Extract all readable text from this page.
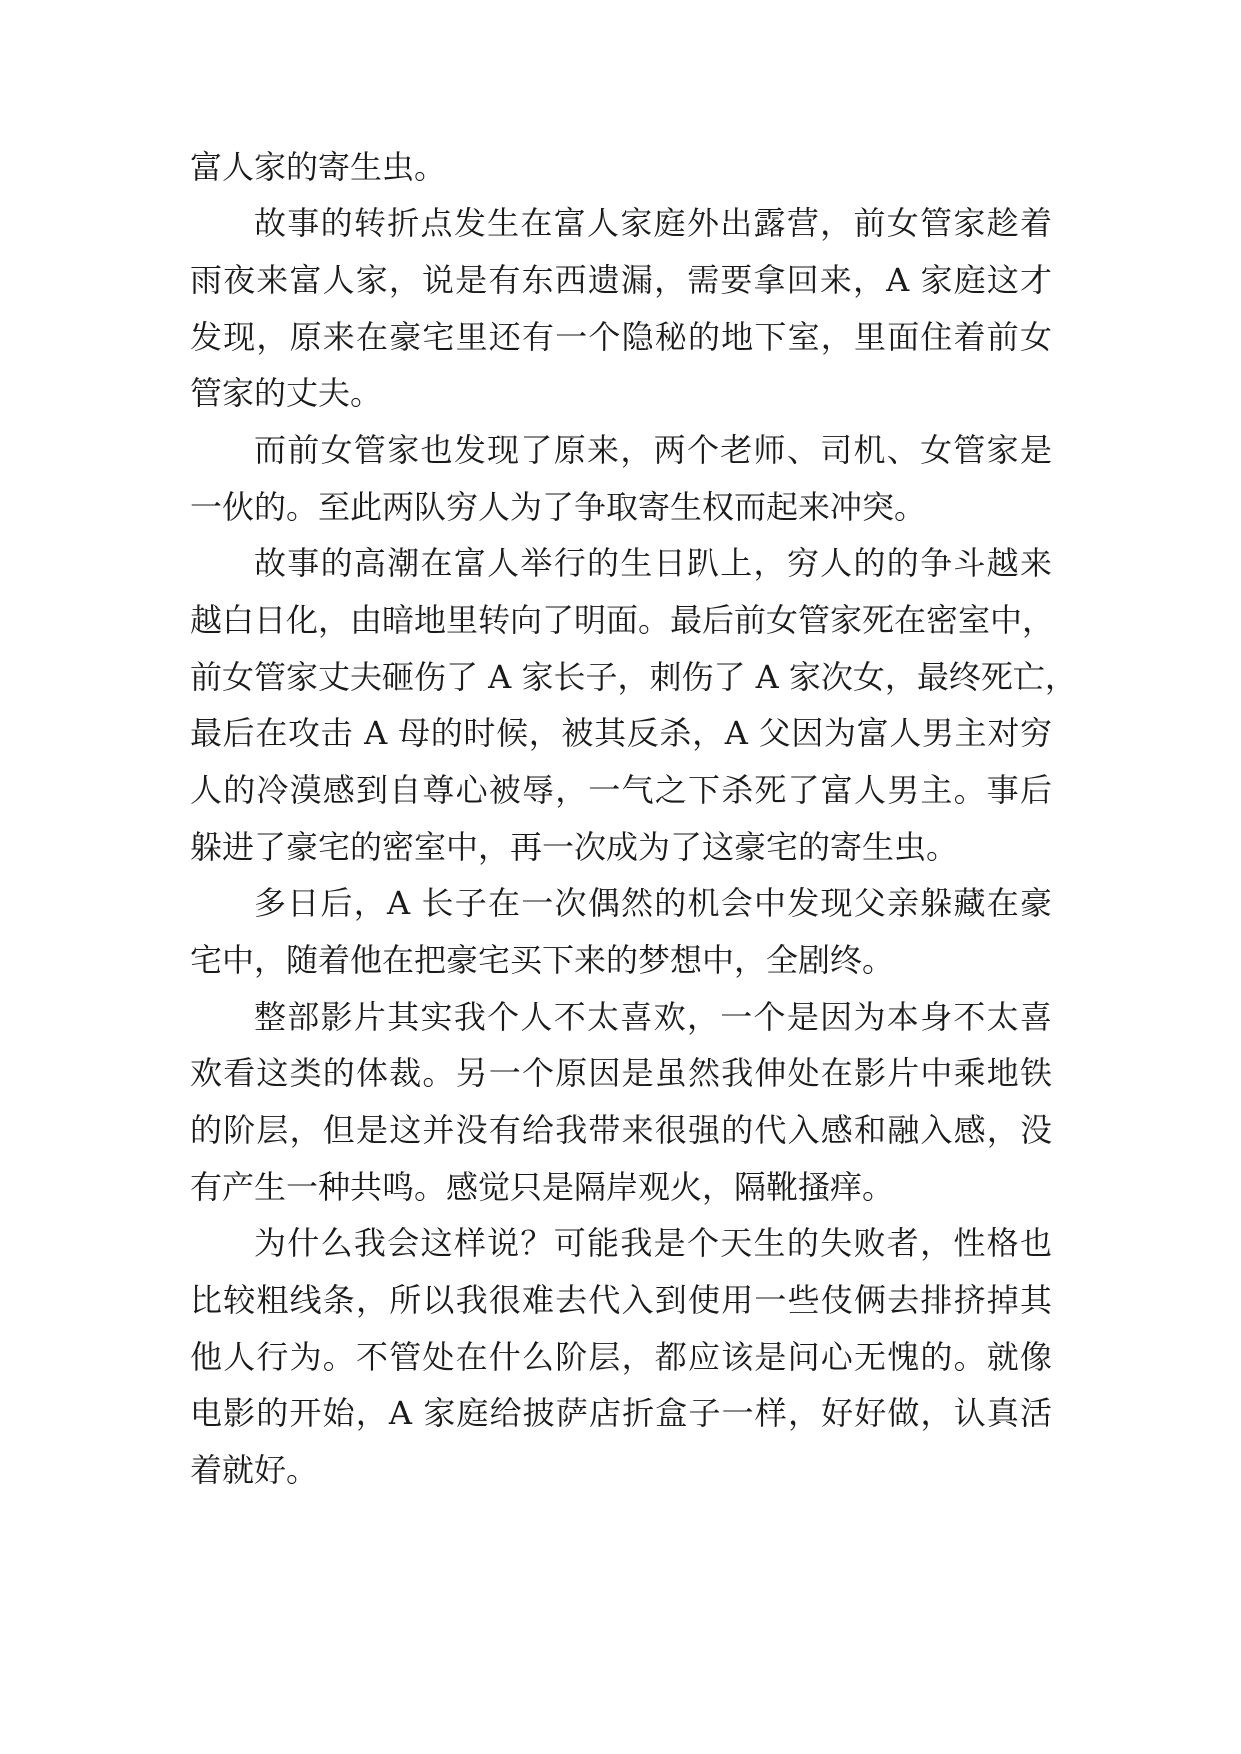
富人家的寄生虫。
故事的转折点发生在富人家庭外出露营，前女管家趁着
雨夜来富人家，说是有东西遗漏，需要拿回来，A 家庭这才
发现，原来在豪宅里还有一个隐秘的地下室，里面住着前女
管家的丈夫。
而前女管家也发现了原来，两个老师、司机、女管家是
一伙的。至此两队穷人为了争取寄生权而起来冲突。
故事的高潮在富人举行的生日趴上，穷人的的争斗越来
越白日化，由暗地里转向了明面。最后前女管家死在密室中，
前女管家丈夫砸伤了 A 家长子，刺伤了 A 家次女，最终死亡，
最后在攻击 A 母的时候，被其反杀，A 父因为富人男主对穷
人的冷漠感到自尊心被辱，一气之下杀死了富人男主。事后
躲进了豪宅的密室中，再一次成为了这豪宅的寄生虫。
多日后，A 长子在一次偶然的机会中发现父亲躲藏在豪
宅中，随着他在把豪宅买下来的梦想中，全剧终。
整部影片其实我个人不太喜欢，一个是因为本身不太喜
欢看这类的体裁。另一个原因是虽然我伸处在影片中乘地铁
的阶层，但是这并没有给我带来很强的代入感和融入感，没
有产生一种共鸣。感觉只是隔岸观火，隔靴搔痒。
为什么我会这样说？可能我是个天生的失败者，性格也
比较粗线条，所以我很难去代入到使用一些伎俩去排挤掉其
他人行为。不管处在什么阶层，都应该是问心无愧的。就像
电影的开始，A 家庭给披萨店折盒子一样，好好做，认真活
着就好。
